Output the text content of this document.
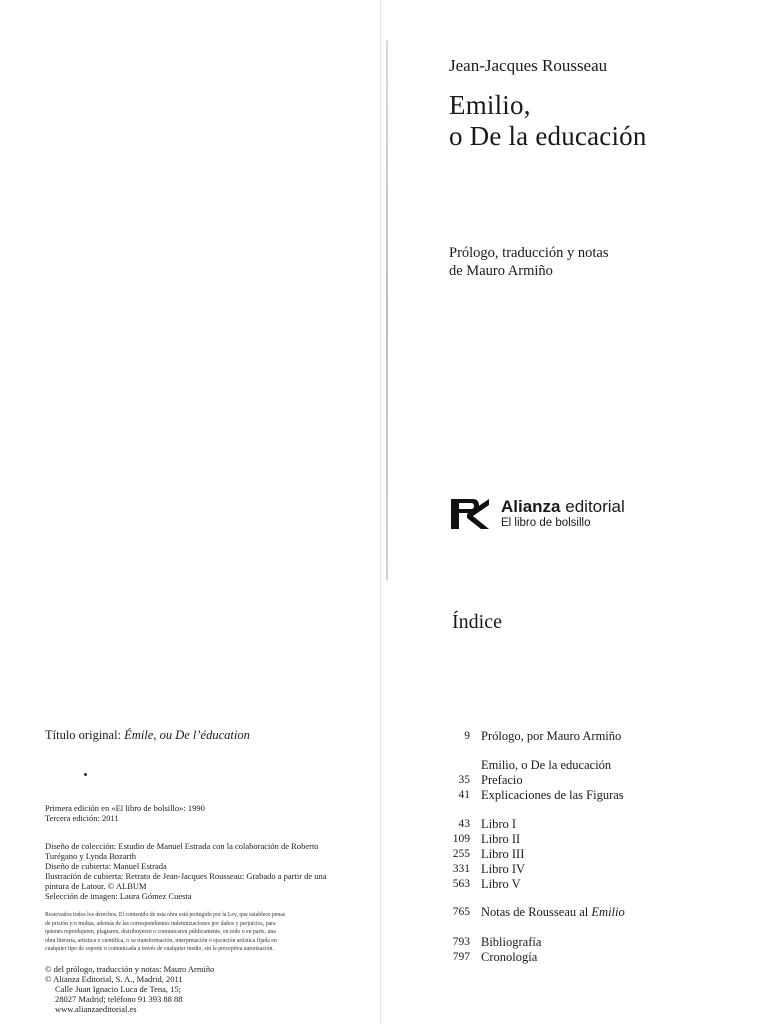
Jean-Jacques Rousseau
Emilio,
o De la educación
Prólogo, traducción y notas
de Mauro Armiño
Alianza editorial
El libro de bolsillo
Índice
9 Prólogo, por Mauro Armiño
Emilio, o De la educación
35 Prefacio
41 Explicaciones de las Figuras
43 Libro I
109 Libro II
255 Libro III
331 Libro IV
563 Libro V
765 Notas de Rousseau al Emilio
793 Bibliografía
797 Cronología
Título original: Émile, ou De l’éducation
Primera edición en «El libro de bolsillo»: 1990
Tercera edición: 2011
Diseño de colección: Estudio de Manuel Estrada con la colaboración de Roberto
Turégano y Lynda Bozarth
Diseño de cubierta: Manuel Estrada
Ilustración de cubierta: Retrato de Jean-Jacques Rousseau: Grabado a partir de una
pintura de Latour. © ALBUM
Selección de imagen: Laura Gómez Cuesta
Reservados todos los derechos. El contenido de esta obra está protegido por la Ley, que establece penas
de prisión y/o multas, además de las correspondientes indemnizaciones por daños y perjuicios, para
quienes reprodujeren, plagiaren, distribuyeren o comunicaren públicamente, en todo o en parte, una
obra literaria, artística o científica, o su transformación, interpretación o ejecución artística fijada en
cualquier tipo de soporte o comunicada a través de cualquier medio, sin la preceptiva autorización.
© del prólogo, traducción y notas: Mauro Armiño
© Alianza Editorial, S. A., Madrid, 2011
Calle Juan Ignacio Luca de Tena, 15;
28027 Madrid; teléfono 91 393 88 88
www.alianzaeditorial.es
